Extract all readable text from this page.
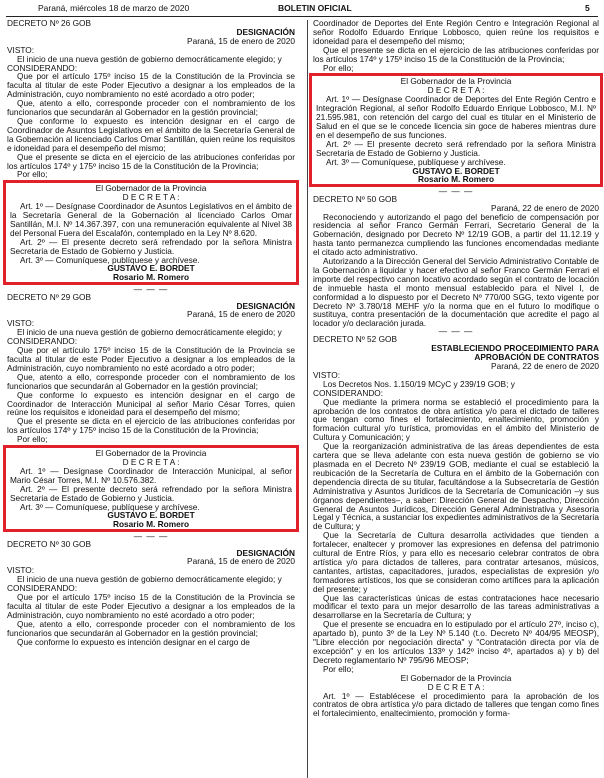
Paraná, miércoles 18 de marzo de 2020	BOLETIN OFICIAL	5

DECRETO Nº 26 GOB

DESIGNACIÓN

Paraná, 15 de enero de 2020

VISTO:

El inicio de una nueva gestión de gobierno democráticamente elegido; y

CONSIDERANDO:

Que por el artículo 175º inciso 15 de la Constitución de la Provincia se faculta al titular de este Poder Ejecutivo a designar a los empleados de la Administración, cuyo nombramiento no esté acordado a otro poder;

Que, atento a ello, corresponde proceder con el nombramiento de los funcionarios que secundarán al Gobernador en la gestión provincial;

Que conforme lo expuesto es intención designar en el cargo de Coordinador de Asuntos Legislativos en el ámbito de la Secretaría General de la Gobernación al licenciado Carlos Omar Santillán, quien reúne los requisitos e idoneidad para el desempeño del mismo;

Que el presente se dicta en el ejercicio de las atribuciones conferidas por los artículos 174º y 175º inciso 15 de la Constitución de la Provincia;

Por ello;

El Gobernador de la Provincia

D E C R E T A :

Art. 1º — Desígnase Coordinador de Asuntos Legislativos en el ámbito de la Secretaría General de la Gobernación al licenciado Carlos Omar Santillán, M.I. Nº 14.367.397, con una remuneración equivalente al Nivel 38 del Personal Fuera del Escalafón, contemplado en la Ley Nº 8.620.

Art. 2º — El presente decreto será refrendado por la señora Ministra Secretaria de Estado de Gobierno y Justicia.

Art. 3º — Comuníquese, publíquese y archívese.

GUSTAVO E. BORDET

Rosario M. Romero

— — —

DECRETO Nº 29 GOB

DESIGNACIÓN

Paraná, 15 de enero de 2020

VISTO:

El inicio de una nueva gestión de gobierno democráticamente elegido; y

CONSIDERANDO:

Que por el artículo 175º inciso 15 de la Constitución de la Provincia se faculta al titular de este Poder Ejecutivo a designar a los empleados de la Administración, cuyo nombramiento no esté acordado a otro poder;

Que, atento a ello, corresponde proceder con el nombramiento de los funcionarios que secundarán al Gobernador en la gestión provincial;

Que conforme lo expuesto es intención designar en el cargo de Coordinador de Interacción Municipal al señor Mario César Torres, quien reúne los requisitos e idoneidad para el desempeño del mismo;

Que el presente se dicta en el ejercicio de las atribuciones conferidas por los artículos 174º y 175º inciso 15 de la Constitución de la Provincia;

Por ello;

El Gobernador de la Provincia

D E C R E T A :

Art. 1º — Desígnase Coordinador de Interacción Municipal, al señor Mario César Torres, M.I. Nº 10.576.382.

Art. 2º — El presente decreto será refrendado por la señora Ministra Secretaria de Estado de Gobierno y Justicia.

Art. 3º — Comuníquese, publíquese y archívese.

GUSTAVO E. BORDET

Rosario M. Romero

— — —

DECRETO Nº 30 GOB

DESIGNACIÓN

Paraná, 15 de enero de 2020

VISTO:

El inicio de una nueva gestión de gobierno democráticamente elegido; y

CONSIDERANDO:

Que por el artículo 175º inciso 15 de la Constitución de la Provincia se faculta al titular de este Poder Ejecutivo a designar a los empleados de la Administración, cuyo nombramiento no esté acordado a otro poder;

Que, atento a ello, corresponde proceder con el nombramiento de los funcionarios que secundarán al Gobernador en la gestión provincial;

Que conforme lo expuesto es intención designar en el cargo de

Coordinador de Deportes del Ente Región Centro e Integración Regional al señor Rodolfo Eduardo Enrique Lobbosco, quien reúne los requisitos e idoneidad para el desempeño del mismo;

Que el presente se dicta en el ejercicio de las atribuciones conferidas por los artículos 174º y 175º inciso 15 de la Constitución de la Provincia;

Por ello;

El Gobernador de la Provincia

D E C R E T A :

Art. 1º — Desígnase Coordinador de Deportes del Ente Región Centro e Integración Regional, al señor Rodolfo Eduardo Enrique Lobbosco, M.I. Nº 21.595.981, con retención del cargo del cual es titular en el Ministerio de Salud en el que se le concede licencia sin goce de haberes mientras dure en el desempeño de sus funciones.

Art. 2º — El presente decreto será refrendado por la señora Ministra Secretaria de Estado de Gobierno y Justicia.

Art. 3º — Comuníquese, publíquese y archívese.

GUSTAVO E. BORDET

Rosario M. Romero

— — —

DECRETO Nº 50 GOB

Paraná, 22 de enero de 2020

Reconociendo y autorizando el pago del beneficio de compensación por residencia al señor Franco Germán Ferrari, Secretario General de la Gobernación, designado por Decreto Nº 12/19 GOB, a partir del 11.12.19 y hasta tanto permanezca cumpliendo las funciones encomendadas mediante el citado acto administrativo.

Autorizando a la Dirección General del Servicio Administrativo Contable de la Gobernación a liquidar y hacer efectivo al señor Franco Germán Ferrari el importe del respectivo canon locativo acordado según el contrato de locación de inmueble hasta el monto mensual establecido para el Nivel I, de conformidad a lo dispuesto por el Decreto Nº 770/00 SGG, texto vigente por Decreto Nº 3.780/18 MEHF y/o la norma que en el futuro lo modifique o sustituya, contra presentación de la documentación que acredite el pago al locador y/o declaración jurada.

— — —

DECRETO Nº 52 GOB

ESTABLECIENDO PROCEDIMIENTO PARA

APROBACIÓN DE CONTRATOS

Paraná, 22 de enero de 2020

VISTO:

Los Decretos Nos. 1.150/19 MCyC y 239/19 GOB; y

CONSIDERANDO:

Que mediante la primera norma se estableció el procedimiento para la aprobación de los contratos de obra artística y/o para el dictado de talleres que tengan como fines el fortalecimiento, enaltecimiento, promoción y formación cultural y/o turística, promovidas en el ámbito del Ministerio de Cultura y Comunicación; y

Que la reorganización administrativa de las áreas dependientes de esta cartera que se lleva adelante con esta nueva gestión de gobierno se vio plasmada en el Decreto Nº 239/19 GOB, mediante el cual se estableció la reubicación de la Secretaría de Cultura en el ámbito de la Gobernación con dependencia directa de su titular, facultándose a la Subsecretaría de Gestión Administrativa y Asuntos Jurídicos de la Secretaría de Comunicación –y sus órganos dependientes–, a saber: Dirección General de Despacho, Dirección General de Asuntos Jurídicos, Dirección General Administrativa y Asesoría Legal y Técnica, a sustanciar los expedientes administrativos de la Secretaría de Cultura; y

Que la Secretaría de Cultura desarrolla actividades que tienden a fortalecer, enaltecer y promover las expresiones en defensa del patrimonio cultural de Entre Ríos, y para ello es necesario celebrar contratos de obra artística y/o para dictados de talleres, para contratar artesanos, músicos, cantantes, artistas, capacitadores, jurados, especialistas de expresión y/o formadores artísticos, los que se consideran como artífices para la aplicación del presente; y

Que las características únicas de estas contrataciones hace necesario modificar el texto para un mejor desarrollo de las tareas administrativas a desarrollarse en la Secretaría de Cultura; y

Que el presente se encuadra en lo estipulado por el artículo 27º, inciso c), apartado b), punto 3º de la Ley Nº 5.140 (t.o. Decreto Nº 404/95 MEOSP), "Libre elección por negociación directa" y "Contratación directa por vía de excepción" y en los artículos 133º y 142º inciso 4º, apartados a) y b) del Decreto reglamentario Nº 795/96 MEOSP;

Por ello;

El Gobernador de la Provincia

D E C R E T A :

Art. 1º — Establécese el procedimiento para la aprobación de los contratos de obra artística y/o para dictado de talleres que tengan como fines el fortalecimiento, enaltecimiento, promoción y forma-
